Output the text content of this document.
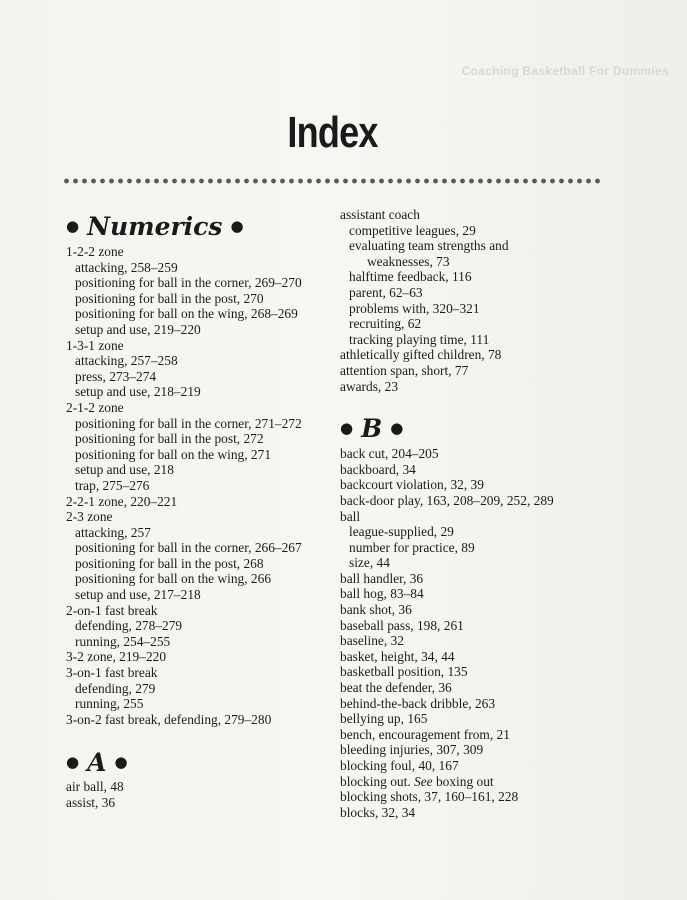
Coaching Basketball For Dummies
Index
● Numerics ●
1-2-2 zone
attacking, 258–259
positioning for ball in the corner, 269–270
positioning for ball in the post, 270
positioning for ball on the wing, 268–269
setup and use, 219–220
1-3-1 zone
attacking, 257–258
press, 273–274
setup and use, 218–219
2-1-2 zone
positioning for ball in the corner, 271–272
positioning for ball in the post, 272
positioning for ball on the wing, 271
setup and use, 218
trap, 275–276
2-2-1 zone, 220–221
2-3 zone
attacking, 257
positioning for ball in the corner, 266–267
positioning for ball in the post, 268
positioning for ball on the wing, 266
setup and use, 217–218
2-on-1 fast break
defending, 278–279
running, 254–255
3-2 zone, 219–220
3-on-1 fast break
defending, 279
running, 255
3-on-2 fast break, defending, 279–280
● A ●
air ball, 48
assist, 36
assistant coach
competitive leagues, 29
evaluating team strengths and
weaknesses, 73
halftime feedback, 116
parent, 62–63
problems with, 320–321
recruiting, 62
tracking playing time, 111
athletically gifted children, 78
attention span, short, 77
awards, 23
● B ●
back cut, 204–205
backboard, 34
backcourt violation, 32, 39
back-door play, 163, 208–209, 252, 289
ball
league-supplied, 29
number for practice, 89
size, 44
ball handler, 36
ball hog, 83–84
bank shot, 36
baseball pass, 198, 261
baseline, 32
basket, height, 34, 44
basketball position, 135
beat the defender, 36
behind-the-back dribble, 263
bellying up, 165
bench, encouragement from, 21
bleeding injuries, 307, 309
blocking foul, 40, 167
blocking out. See boxing out
blocking shots, 37, 160–161, 228
blocks, 32, 34
